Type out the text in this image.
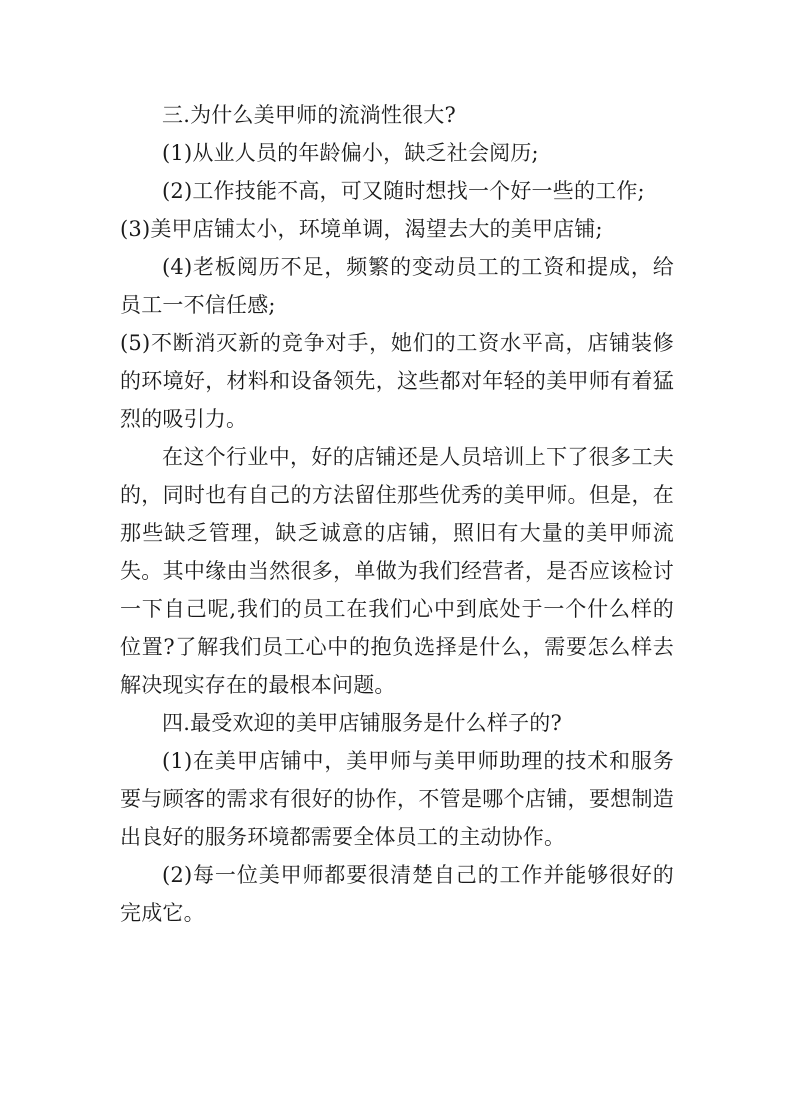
三.为什么美甲师的流淌性很大?

(1)从业人员的年龄偏小，缺乏社会阅历;

(2)工作技能不高，可又随时想找一个好一些的工作;

(3)美甲店铺太小，环境单调，渴望去大的美甲店铺;

(4)老板阅历不足，频繁的变动员工的工资和提成，给员工一不信任感;

(5)不断消灭新的竞争对手，她们的工资水平高，店铺装修的环境好，材料和设备领先，这些都对年轻的美甲师有着猛烈的吸引力。

在这个行业中，好的店铺还是人员培训上下了很多工夫的，同时也有自己的方法留住那些优秀的美甲师。但是，在那些缺乏管理，缺乏诚意的店铺，照旧有大量的美甲师流失。其中缘由当然很多，单做为我们经营者，是否应该检讨一下自己呢,我们的员工在我们心中到底处于一个什么样的位置?了解我们员工心中的抱负选择是什么，需要怎么样去解决现实存在的最根本问题。

四.最受欢迎的美甲店铺服务是什么样子的?

(1)在美甲店铺中，美甲师与美甲师助理的技术和服务要与顾客的需求有很好的协作，不管是哪个店铺，要想制造出良好的服务环境都需要全体员工的主动协作。

(2)每一位美甲师都要很清楚自己的工作并能够很好的完成它。
